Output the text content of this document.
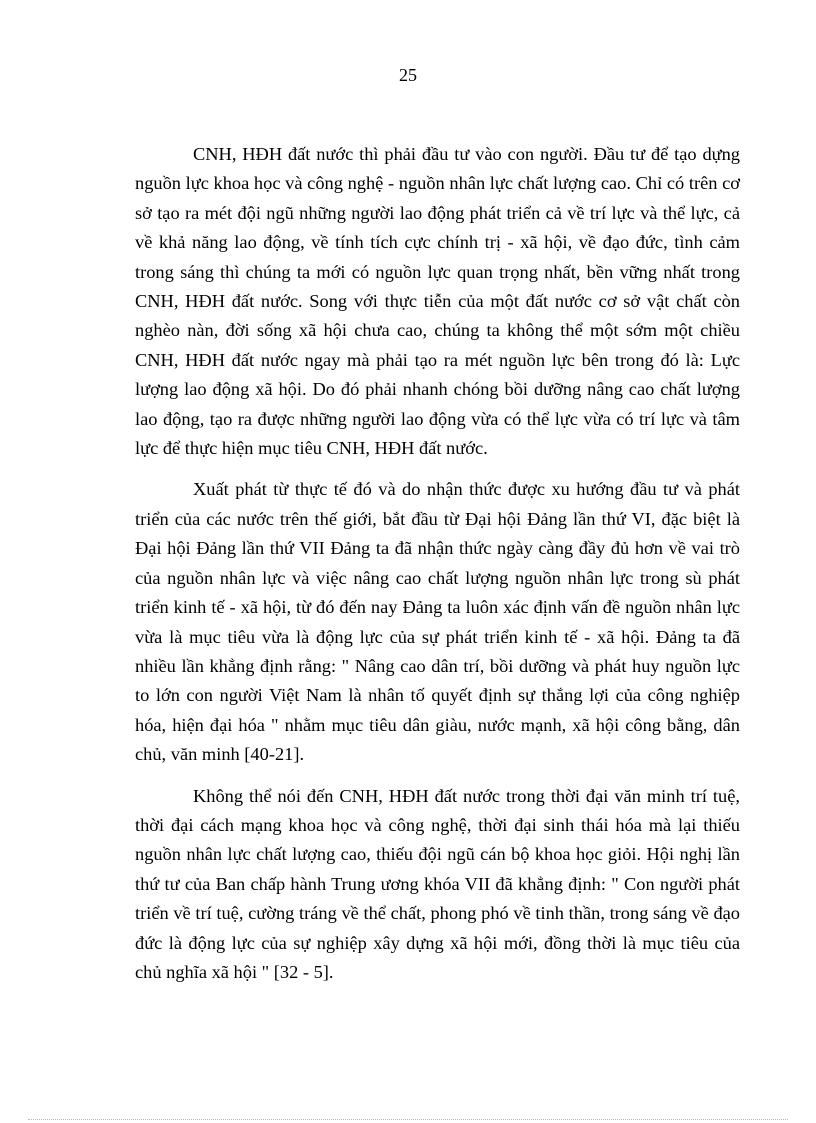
25

CNH, HĐH đất nước thì phải đầu tư vào con người. Đầu tư để tạo dựng nguồn lực khoa học và công nghệ - nguồn nhân lực chất lượng cao. Chỉ có trên cơ sở tạo ra mét đội ngũ những người lao động phát triển cả về trí lực và thể lực, cả về khả năng lao động, về tính tích cực chính trị - xã hội, về đạo đức, tình cảm trong sáng thì chúng ta mới có nguồn lực quan trọng nhất, bền vững nhất trong CNH, HĐH đất nước. Song với thực tiễn của một đất nước cơ sở vật chất còn nghèo nàn, đời sống xã hội chưa cao, chúng ta không thể một sớm một chiều CNH, HĐH đất nước ngay mà phải tạo ra mét nguồn lực bên trong đó là: Lực lượng lao động xã hội. Do đó phải nhanh chóng bồi dưỡng nâng cao chất lượng lao động, tạo ra được những người lao động vừa có thể lực vừa có trí lực và tâm lực để thực hiện mục tiêu CNH, HĐH đất nước.

Xuất phát từ thực tế đó và do nhận thức được xu hướng đầu tư và phát triển của các nước trên thế giới, bắt đầu từ Đại hội Đảng lần thứ VI, đặc biệt là Đại hội Đảng lần thứ VII Đảng ta đã nhận thức ngày càng đầy đủ hơn về vai trò của nguồn nhân lực và việc nâng cao chất lượng nguồn nhân lực trong sù phát triển kinh tế - xã hội, từ đó đến nay Đảng ta luôn xác định vấn đề nguồn nhân lực vừa là mục tiêu vừa là động lực của sự phát triển kinh tế - xã hội. Đảng ta đã nhiều lần khẳng định rằng: " Nâng cao dân trí, bồi dưỡng và phát huy nguồn lực to lớn con người Việt Nam là nhân tố quyết định sự thắng lợi của công nghiệp hóa, hiện đại hóa " nhằm mục tiêu dân giàu, nước mạnh, xã hội công bằng, dân chủ, văn minh [40-21].

Không thể nói đến CNH, HĐH đất nước trong thời đại văn minh trí tuệ, thời đại cách mạng khoa học và công nghệ, thời đại sinh thái hóa mà lại thiếu nguồn nhân lực chất lượng cao, thiếu đội ngũ cán bộ khoa học giỏi. Hội nghị lần thứ tư của Ban chấp hành Trung ương khóa VII đã khẳng định: " Con người phát triển về trí tuệ, cường tráng về thể chất, phong phó về tinh thần, trong sáng về đạo đức là động lực của sự nghiệp xây dựng xã hội mới, đồng thời là mục tiêu của chủ nghĩa xã hội " [32 - 5].
